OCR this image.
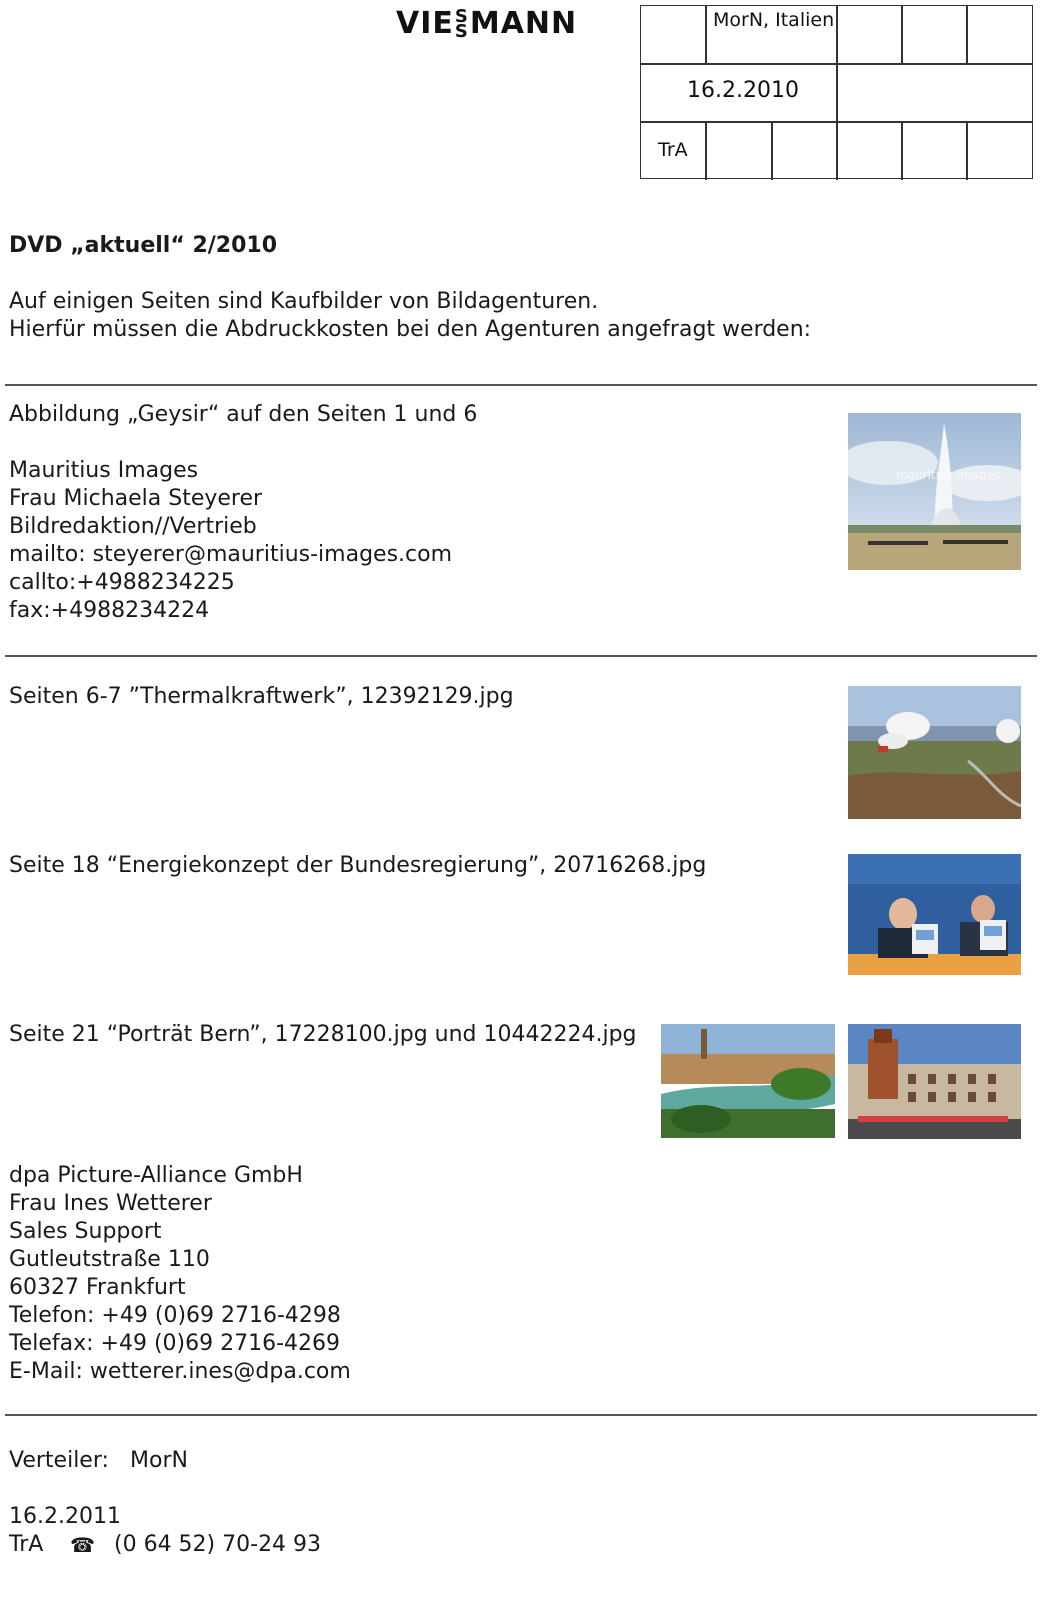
VIE S
S MANN	MorN, Italien
16.2.2010
TrA
DVD „aktuell“ 2/2010
Auf einigen Seiten sind Kaufbilder von Bildagenturen.
Hierfür müssen die Abdruckkosten bei den Agenturen angefragt werden:
Abbildung „Geysir“ auf den Seiten 1 und 6
Mauritius Images
Frau Michaela Steyerer
Bildredaktion//Vertrieb
mailto: steyerer@mauritius-images.com
callto:+4988234225
fax:+4988234224
mauritius images
Seiten 6-7 ”Thermalkraftwerk”, 12392129.jpg
Seite 18 “Energiekonzept der Bundesregierung”, 20716268.jpg
Seite 21 “Porträt Bern”, 17228100.jpg und 10442224.jpg
dpa Picture-Alliance GmbH
Frau Ines Wetterer
Sales Support
Gutleutstraße 110
60327 Frankfurt
Telefon: +49 (0)69 2716-4298
Telefax: +49 (0)69 2716-4269
E-Mail: wetterer.ines@dpa.com
Verteiler: MorN
16.2.2011
TrA ☎ (0 64 52) 70-24 93
